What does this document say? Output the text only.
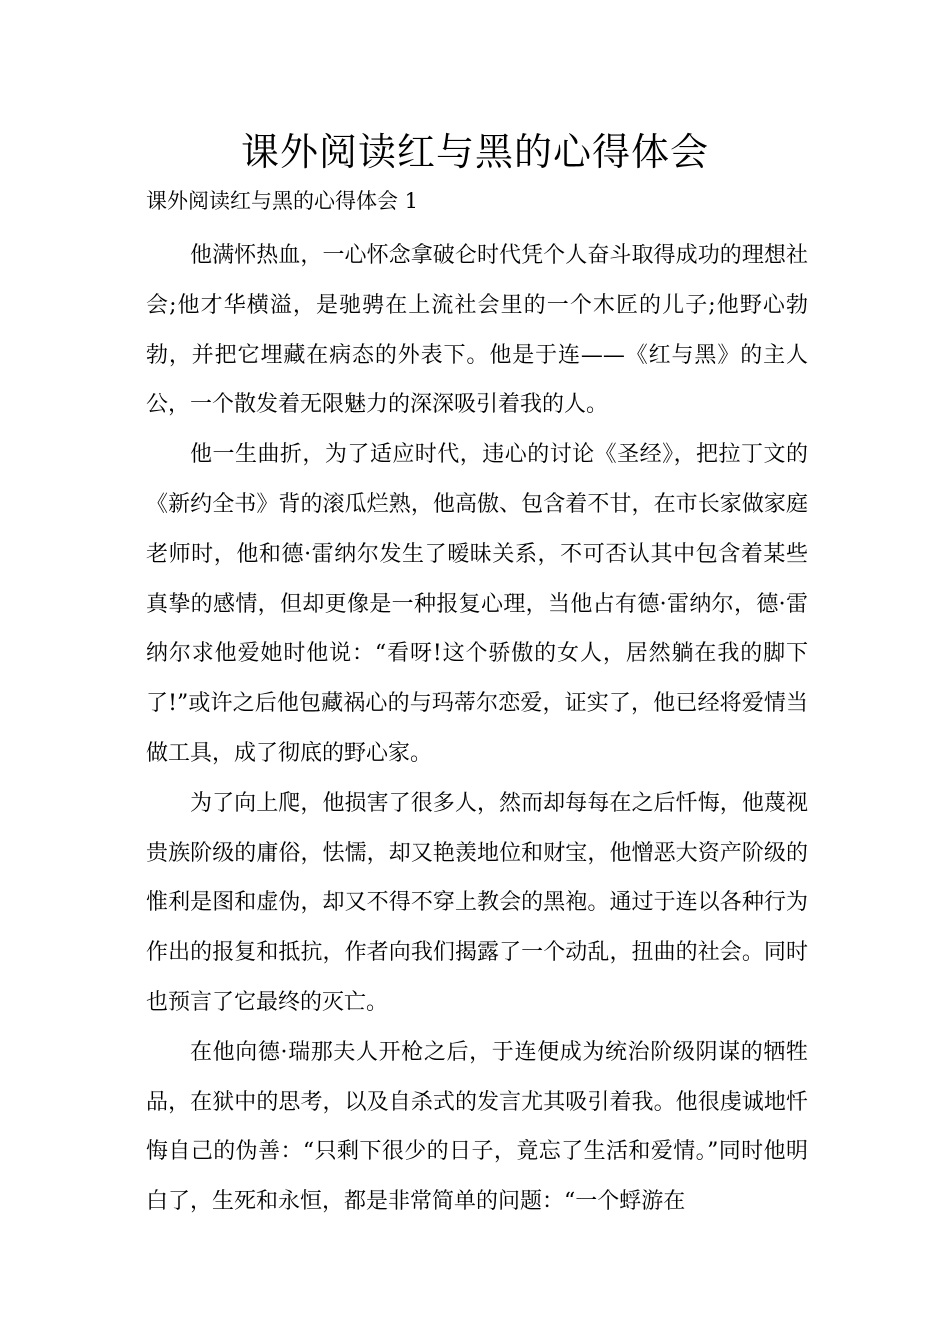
课外阅读红与黑的心得体会

课外阅读红与黑的心得体会 1

他满怀热血，一心怀念拿破仑时代凭个人奋斗取得成功的理想社会;他才华横溢，是驰骋在上流社会里的一个木匠的儿子;他野心勃勃，并把它埋藏在病态的外表下。他是于连——《红与黑》的主人公，一个散发着无限魅力的深深吸引着我的人。

他一生曲折，为了适应时代，违心的讨论《圣经》，把拉丁文的《新约全书》背的滚瓜烂熟，他高傲、包含着不甘，在市长家做家庭老师时，他和德·雷纳尔发生了暧昧关系，不可否认其中包含着某些真挚的感情，但却更像是一种报复心理，当他占有德·雷纳尔，德·雷纳尔求他爱她时他说：“看呀!这个骄傲的女人，居然躺在我的脚下了!”或许之后他包藏祸心的与玛蒂尔恋爱，证实了，他已经将爱情当做工具，成了彻底的野心家。

为了向上爬，他损害了很多人，然而却每每在之后忏悔，他蔑视贵族阶级的庸俗，怯懦，却又艳羡地位和财宝，他憎恶大资产阶级的惟利是图和虚伪，却又不得不穿上教会的黑袍。通过于连以各种行为作出的报复和抵抗，作者向我们揭露了一个动乱，扭曲的社会。同时也预言了它最终的灭亡。

在他向德·瑞那夫人开枪之后，于连便成为统治阶级阴谋的牺牲品，在狱中的思考，以及自杀式的发言尤其吸引着我。他很虔诚地忏悔自己的伪善：“只剩下很少的日子，竟忘了生活和爱情。”同时他明白了，生死和永恒，都是非常简单的问题：“一个蜉游在
